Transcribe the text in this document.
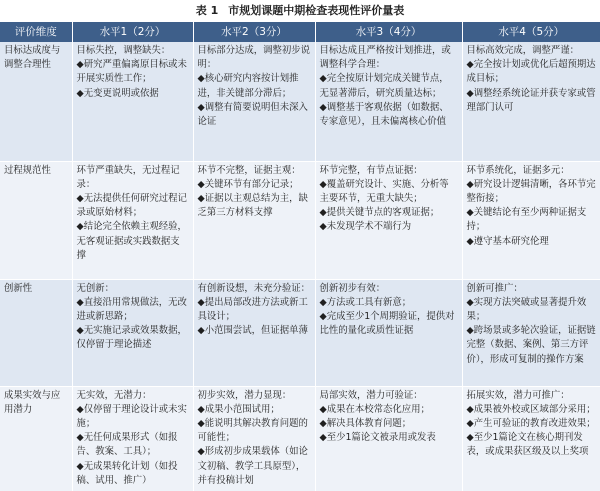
表 1 市规划课题中期检查表现性评价量表
评价维度	水平1（2分）	水平2（3分）	水平3（4分）	水平4（5分）
目标达成度与调整合理性	目标失控，调整缺失：
◆研究严重偏离原目标或未开展实质性工作；
◆无变更说明或依据	目标部分达成，调整初步说明：
◆核心研究内容按计划推进，非关键部分滞后；
◆调整有简要说明但未深入论证	目标达成且严格按计划推进，或调整科学合理：
◆完全按原计划完成关键节点，无显著滞后，研究质量达标；
◆调整基于客观依据（如数据、专家意见），且未偏离核心价值	目标高效完成，调整严谨：
◆完全按计划或优化后超预期达成目标；
◆调整经系统论证并获专家或管理部门认可

过程规范性	环节严重缺失，无过程记录：
◆无法提供任何研究过程记录或原始材料；
◆结论完全依赖主观经验，无客观证据或实践数据支撑	环节不完整，证据主观：
◆关键环节有部分记录；
◆证据以主观总结为主，缺乏第三方材料支撑	环节完整，有节点证据：
◆覆盖研究设计、实施、分析等主要环节，无重大缺失；
◆提供关键节点的客观证据；
◆未发现学术不端行为	环节系统化，证据多元：
◆研究设计逻辑清晰，各环节完整衔接；
◆关键结论有至少两种证据支持；
◆遵守基本研究伦理

创新性	无创新：
◆直接沿用常规做法，无改进或新思路；
◆无实施记录或效果数据，仅停留于理论描述	有创新设想，未充分验证：
◆提出局部改进方法或新工具设计；
◆小范围尝试，但证据单薄	创新初步有效：
◆方法或工具有新意；
◆完成至少1个周期验证，提供对比性的量化或质性证据	创新可推广：
◆实现方法突破或显著提升效果；
◆跨场景或多轮次验证，证据链完整（数据、案例、第三方评价），形成可复制的操作方案

成果实效与应用潜力	无实效，无潜力：
◆仅停留于理论设计或未实施；
◆无任何成果形式（如报告、教案、工具）；
◆无成果转化计划（如投稿、试用、推广）	初步实效，潜力显现：
◆成果小范围试用；
◆能说明其解决教育问题的可能性；
◆形成初步成果载体（如论文初稿、教学工具原型），并有投稿计划	局部实效，潜力可验证：
◆成果在本校常态化应用；
◆解决具体教育问题；
◆至少1篇论文被录用或发表	拓展实效，潜力可推广：
◆成果被外校或区域部分采用；
◆产生可验证的教育改进效果；
◆至少1篇论文在核心期刊发表，或成果获区级及以上奖项
